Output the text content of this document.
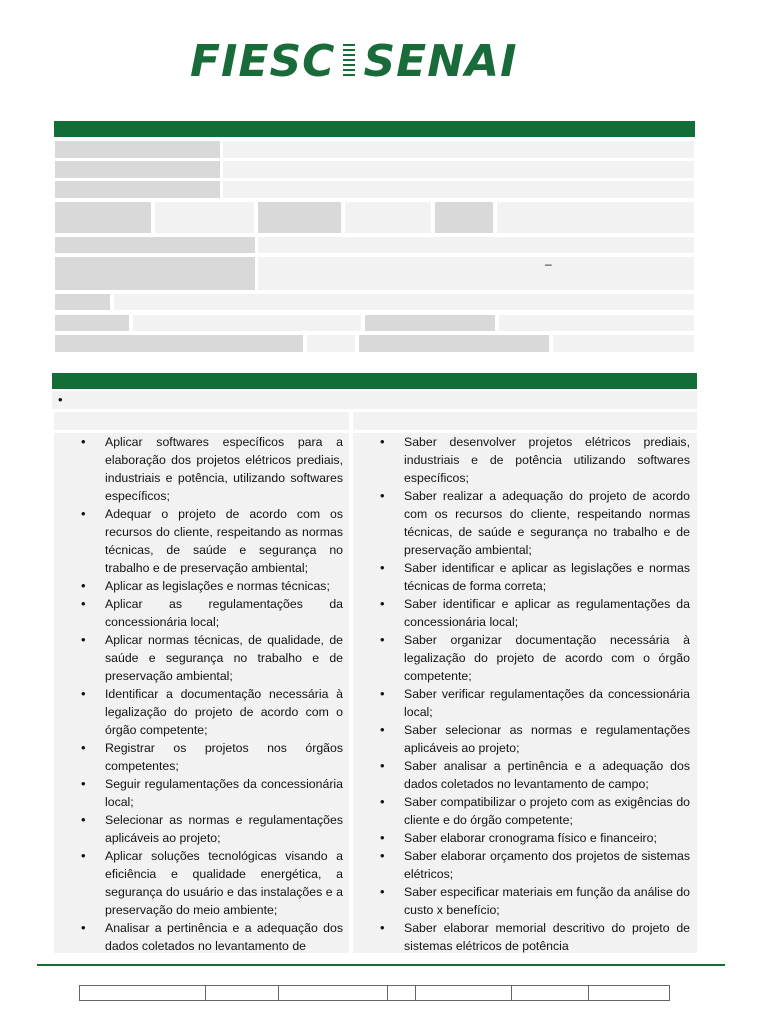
FIESC SENAI
–
•
• Aplicar softwares específicos para a elaboração dos projetos elétricos prediais, industriais e potência, utilizando softwares específicos;
• Adequar o projeto de acordo com os recursos do cliente, respeitando as normas técnicas, de saúde e segurança no trabalho e de preservação ambiental;
• Aplicar as legislações e normas técnicas;
• Aplicar as regulamentações da concessionária local;
• Aplicar normas técnicas, de qualidade, de saúde e segurança no trabalho e de preservação ambiental;
• Identificar a documentação necessária à legalização do projeto de acordo com o órgão competente;
• Registrar os projetos nos órgãos competentes;
• Seguir regulamentações da concessionária local;
• Selecionar as normas e regulamentações aplicáveis ao projeto;
• Aplicar soluções tecnológicas visando a eficiência e qualidade energética, a segurança do usuário e das instalações e a preservação do meio ambiente;
• Analisar a pertinência e a adequação dos dados coletados no levantamento de
• Saber desenvolver projetos elétricos prediais, industriais e de potência utilizando softwares específicos;
• Saber realizar a adequação do projeto de acordo com os recursos do cliente, respeitando normas técnicas, de saúde e segurança no trabalho e de preservação ambiental;
• Saber identificar e aplicar as legislações e normas técnicas de forma correta;
• Saber identificar e aplicar as regulamentações da concessionária local;
• Saber organizar documentação necessária à legalização do projeto de acordo com o órgão competente;
• Saber verificar regulamentações da concessionária local;
• Saber selecionar as normas e regulamentações aplicáveis ao projeto;
• Saber analisar a pertinência e a adequação dos dados coletados no levantamento de campo;
• Saber compatibilizar o projeto com as exigências do cliente e do órgão competente;
• Saber elaborar cronograma físico e financeiro;
• Saber elaborar orçamento dos projetos de sistemas elétricos;
• Saber especificar materiais em função da análise do custo x benefício;
• Saber elaborar memorial descritivo do projeto de sistemas elétricos de potência
